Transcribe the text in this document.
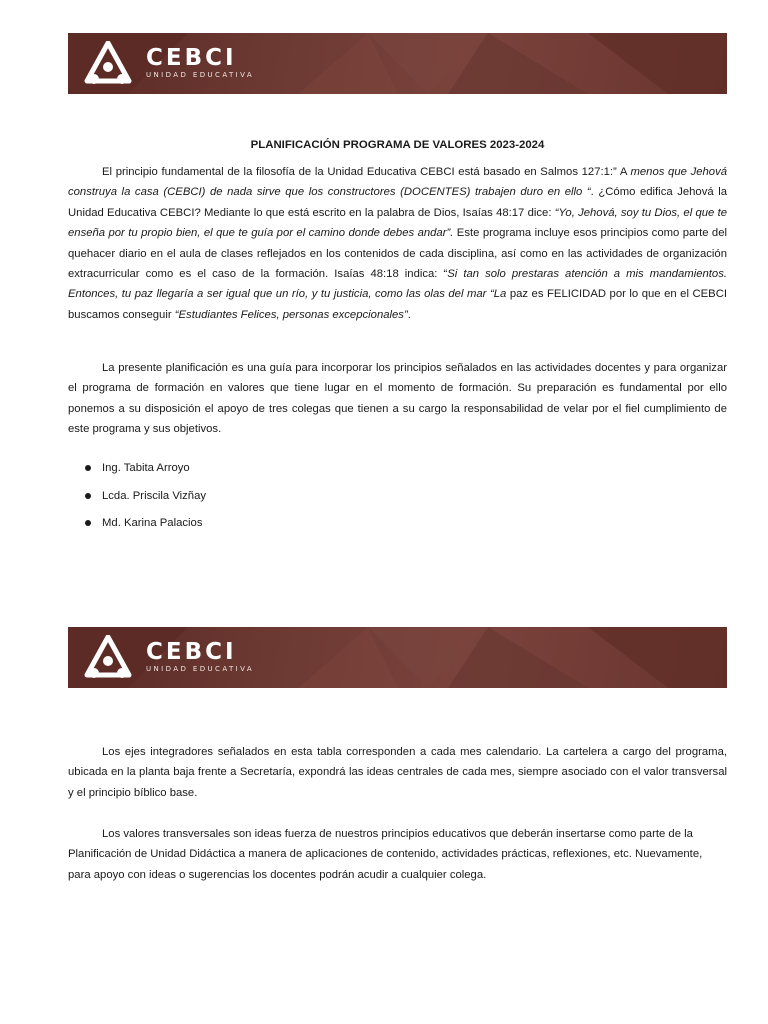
CEBCI
UNIDAD EDUCATIVA
PLANIFICACIÓN PROGRAMA DE VALORES 2023-2024

El principio fundamental de la filosofía de la Unidad Educativa CEBCI está basado en Salmos 127:1:” A menos que Jehová construya la casa (CEBCI) de nada sirve que los constructores (DOCENTES) trabajen duro en ello “. ¿Cómo edifica Jehová la Unidad Educativa CEBCI? Mediante lo que está escrito en la palabra de Dios, Isaías 48:17 dice: “Yo, Jehová, soy tu Dios, el que te enseña por tu propio bien, el que te guía por el camino donde debes andar”. Este programa incluye esos principios como parte del quehacer diario en el aula de clases reflejados en los contenidos de cada disciplina, así como en las actividades de organización extracurricular como es el caso de la formación. Isaías 48:18 indica: “Si tan solo prestaras atención a mis mandamientos. Entonces, tu paz llegaría a ser igual que un río, y tu justicia, como las olas del mar “La paz es FELICIDAD por lo que en el CEBCI buscamos conseguir “Estudiantes Felices, personas excepcionales”.

La presente planificación es una guía para incorporar los principios señalados en las actividades docentes y para organizar el programa de formación en valores que tiene lugar en el momento de formación. Su preparación es fundamental por ello ponemos a su disposición el apoyo de tres colegas que tienen a su cargo la responsabilidad de velar por el fiel cumplimiento de este programa y sus objetivos.

Ing. Tabita Arroyo
Lcda. Priscila Vizñay
Md. Karina Palacios
CEBCI
UNIDAD EDUCATIVA

Los ejes integradores señalados en esta tabla corresponden a cada mes calendario. La cartelera a cargo del programa, ubicada en la planta baja frente a Secretaría, expondrá las ideas centrales de cada mes, siempre asociado con el valor transversal y el principio bíblico base.

Los valores transversales son ideas fuerza de nuestros principios educativos que deberán insertarse como parte de la Planificación de Unidad Didáctica a manera de aplicaciones de contenido, actividades prácticas, reflexiones, etc. Nuevamente, para apoyo con ideas o sugerencias los docentes podrán acudir a cualquier colega.
